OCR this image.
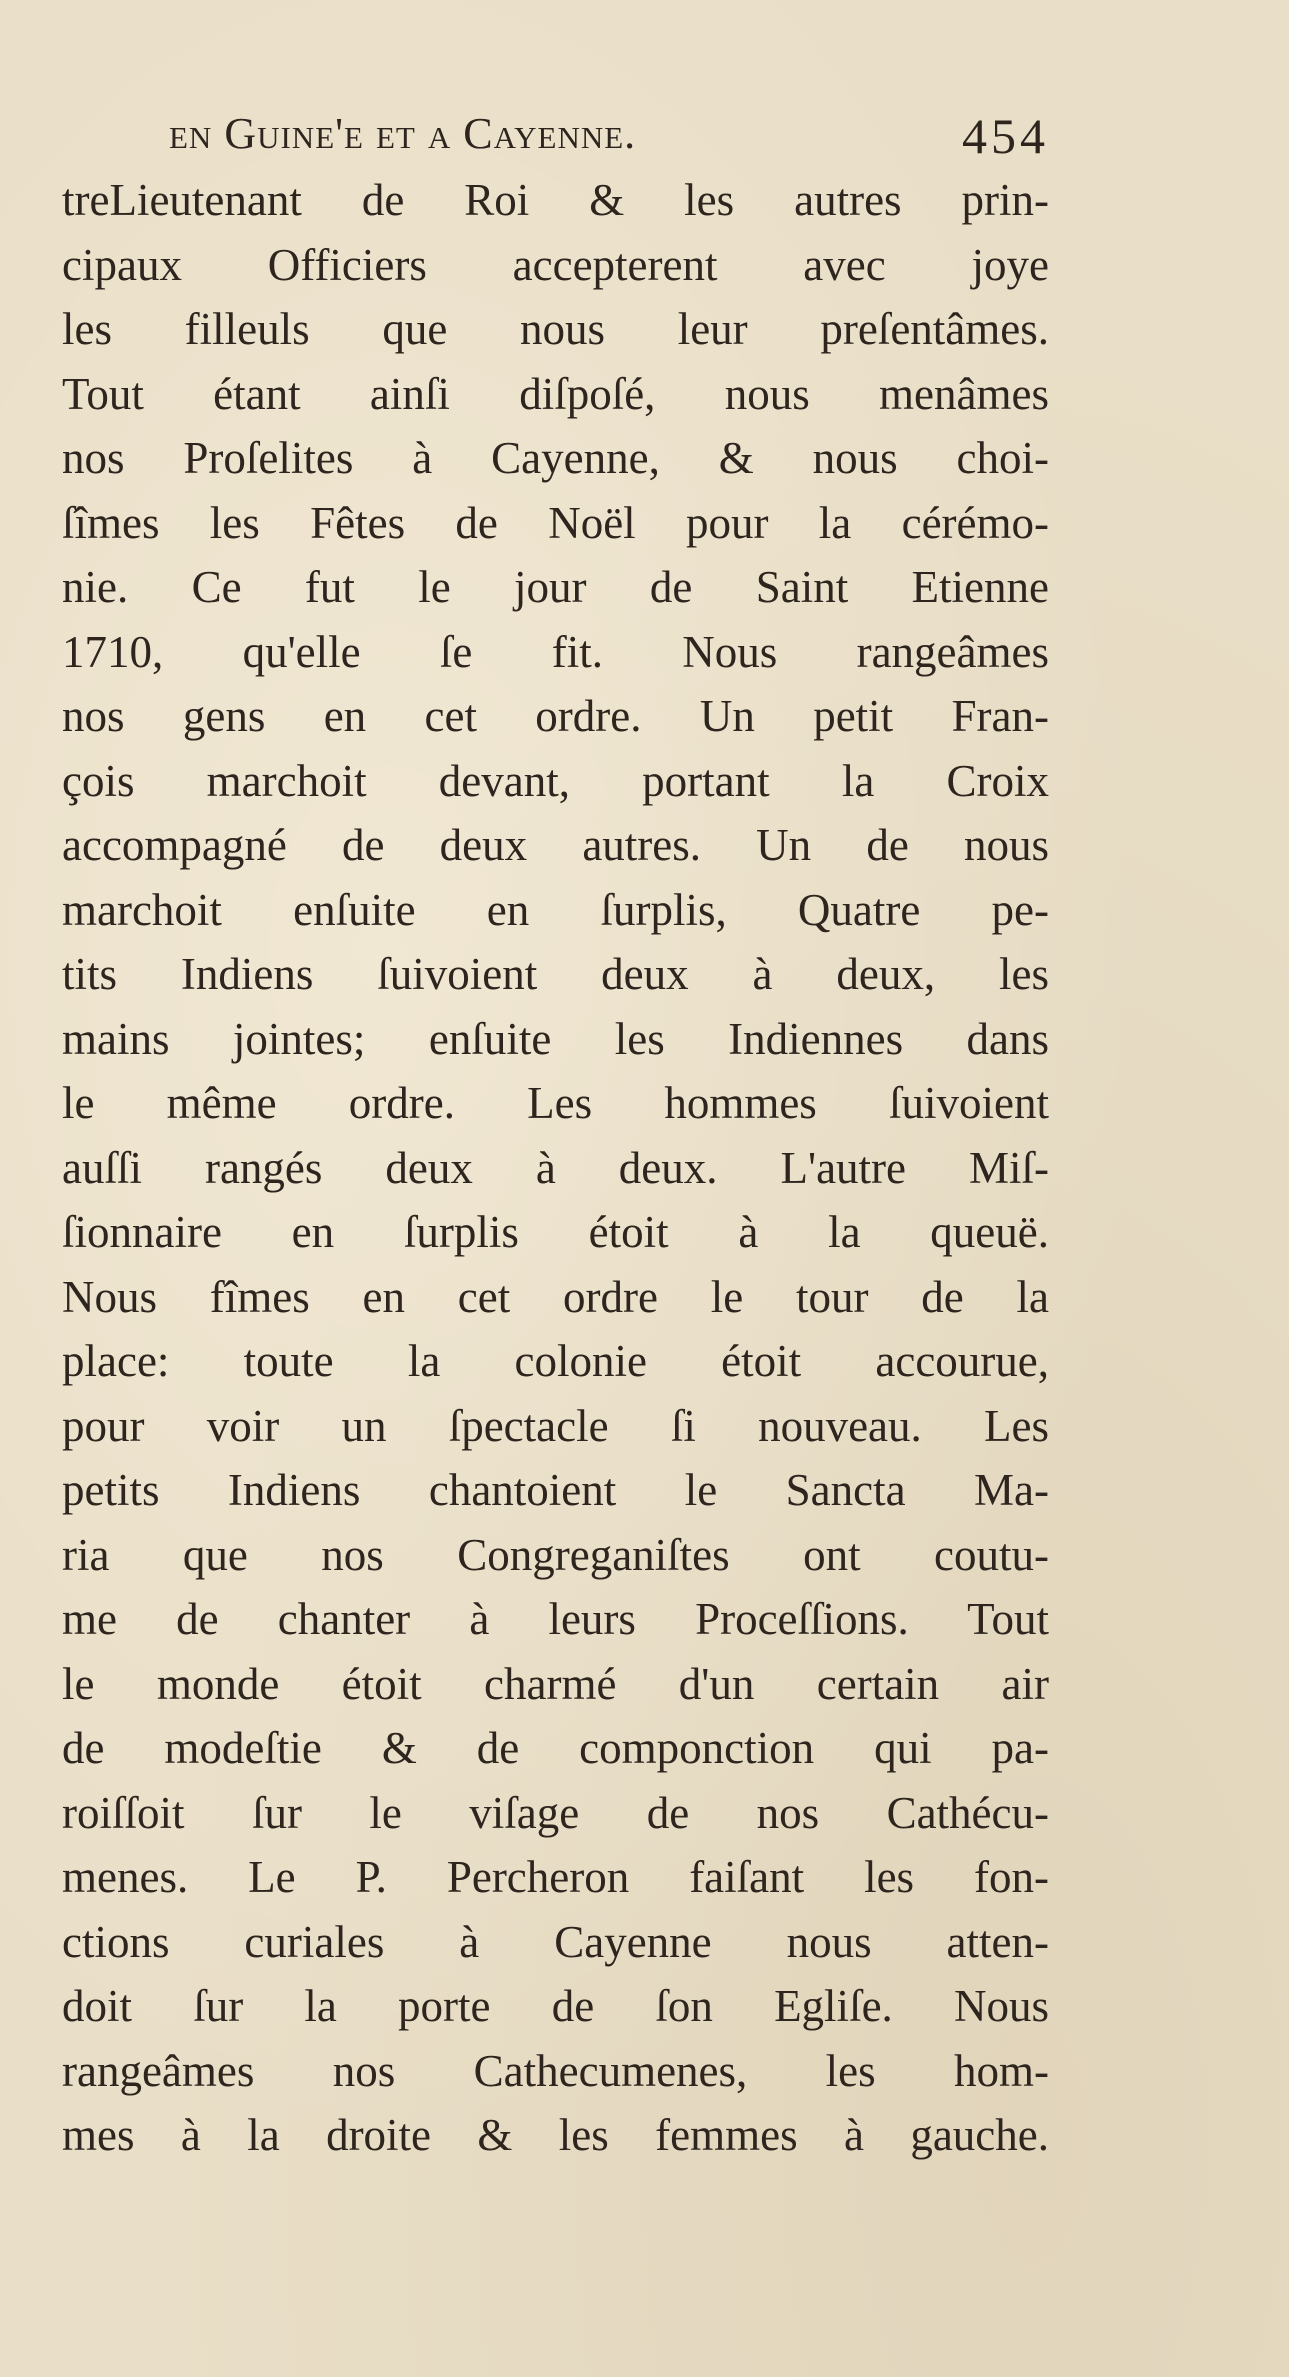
en Guine'e et a Cayenne.	454
treLieutenant de Roi & les autres prin-
cipaux Officiers accepterent avec joye
les filleuls que nous leur preſentâmes.
Tout étant ainſi diſpoſé, nous menâmes
nos Proſelites à Cayenne, & nous choi-
ſîmes les Fêtes de Noël pour la cérémo-
nie. Ce fut le jour de Saint Etienne
1710, qu'elle ſe fit. Nous rangeâmes
nos gens en cet ordre. Un petit Fran-
çois marchoit devant, portant la Croix
accompagné de deux autres. Un de nous
marchoit enſuite en ſurplis, Quatre pe-
tits Indiens ſuivoient deux à deux, les
mains jointes; enſuite les Indiennes dans
le même ordre. Les hommes ſuivoient
auſſi rangés deux à deux. L'autre Miſ-
ſionnaire en ſurplis étoit à la queuë.
Nous fîmes en cet ordre le tour de la
place: toute la colonie étoit accourue,
pour voir un ſpectacle ſi nouveau. Les
petits Indiens chantoient le Sancta Ma-
ria que nos Congreganiſtes ont coutu-
me de chanter à leurs Proceſſions. Tout
le monde étoit charmé d'un certain air
de modeſtie & de componction qui pa-
roiſſoit ſur le viſage de nos Cathécu-
menes. Le P. Percheron faiſant les fon-
ctions curiales à Cayenne nous atten-
doit ſur la porte de ſon Egliſe. Nous
rangeâmes nos Cathecumenes, les hom-
mes à la droite & les femmes à gauche.
